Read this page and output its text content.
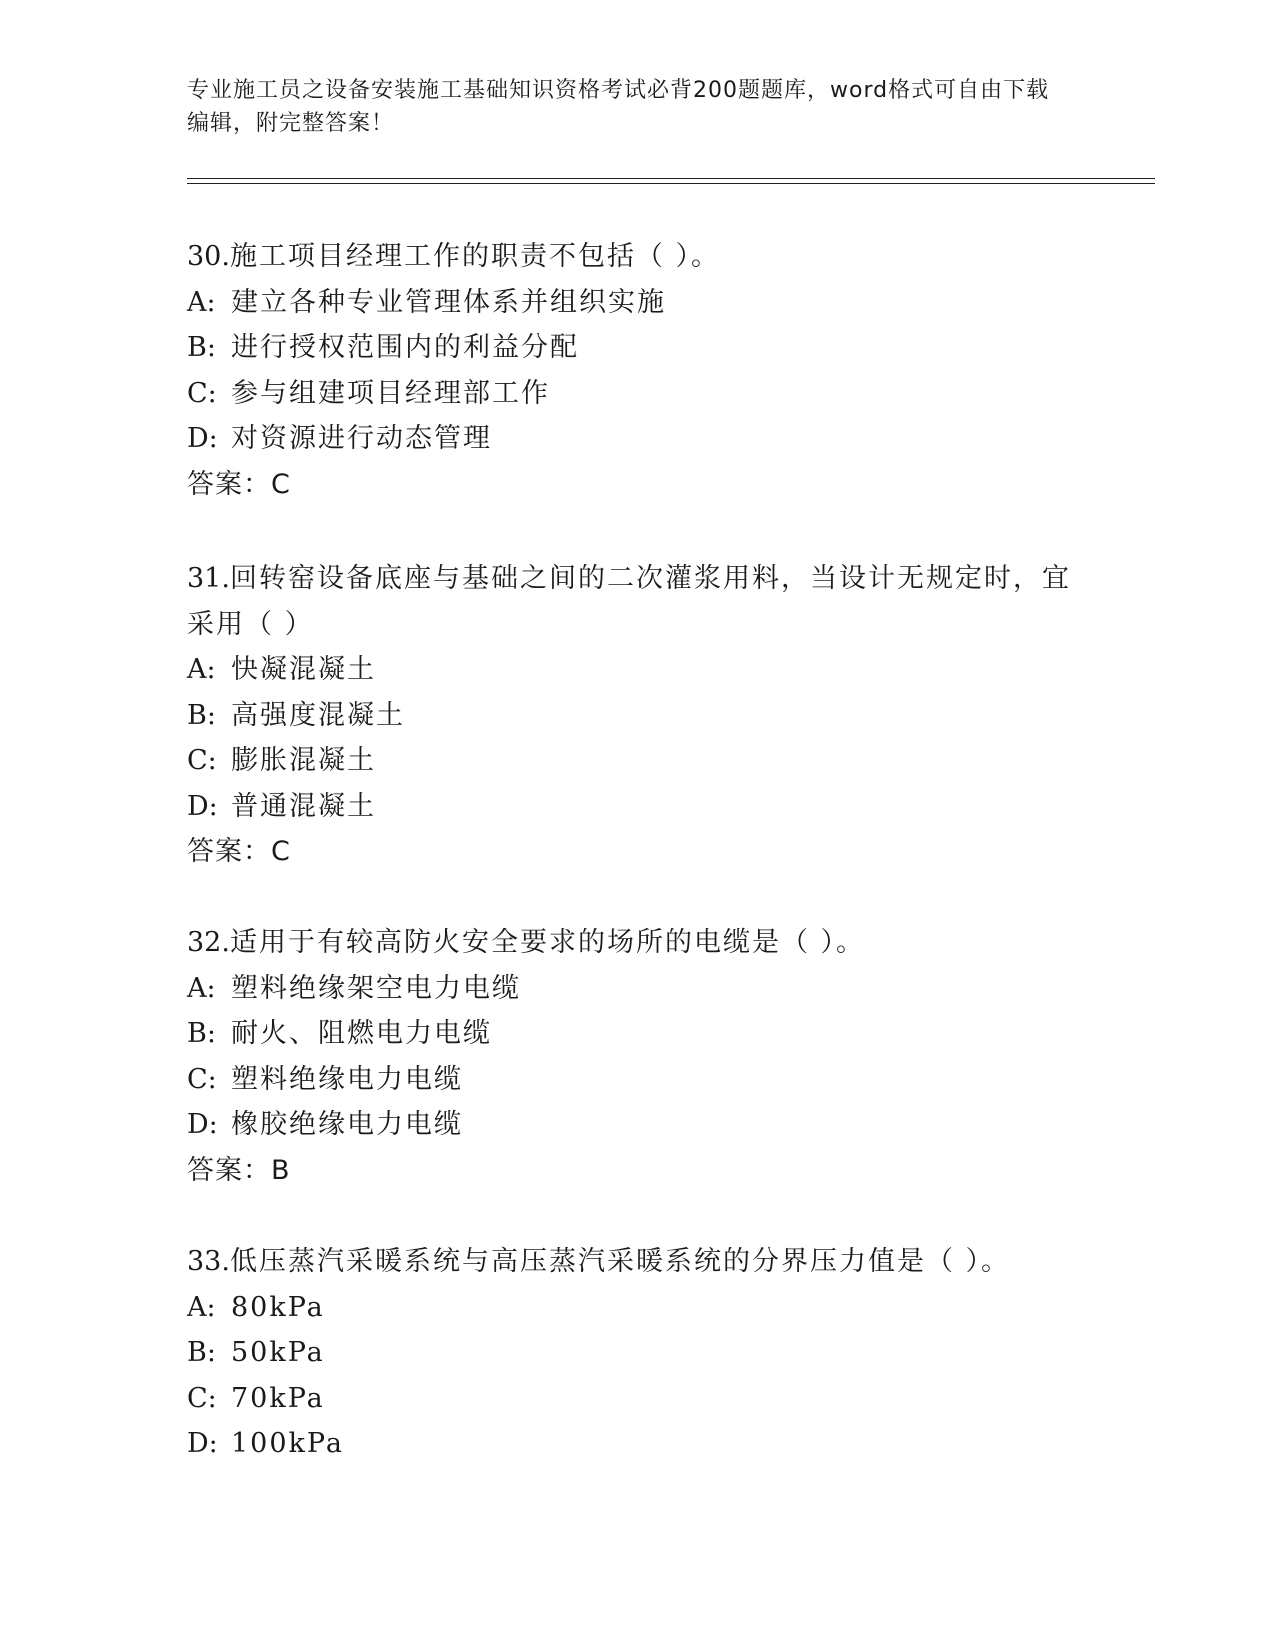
专业施工员之设备安装施工基础知识资格考试必背200题题库，word格式可自由下载编辑，附完整答案！
30.施工项目经理工作的职责不包括（ ）。
A: 建立各种专业管理体系并组织实施
B: 进行授权范围内的利益分配
C: 参与组建项目经理部工作
D: 对资源进行动态管理
答案：C
31.回转窑设备底座与基础之间的二次灌浆用料，当设计无规定时，宜采用（ ）
A: 快凝混凝土
B: 高强度混凝土
C: 膨胀混凝土
D: 普通混凝土
答案：C
32.适用于有较高防火安全要求的场所的电缆是（ ）。
A: 塑料绝缘架空电力电缆
B: 耐火、阻燃电力电缆
C: 塑料绝缘电力电缆
D: 橡胶绝缘电力电缆
答案：B
33.低压蒸汽采暖系统与高压蒸汽采暖系统的分界压力值是（ ）。
A: 80kPa
B: 50kPa
C: 70kPa
D: 100kPa
